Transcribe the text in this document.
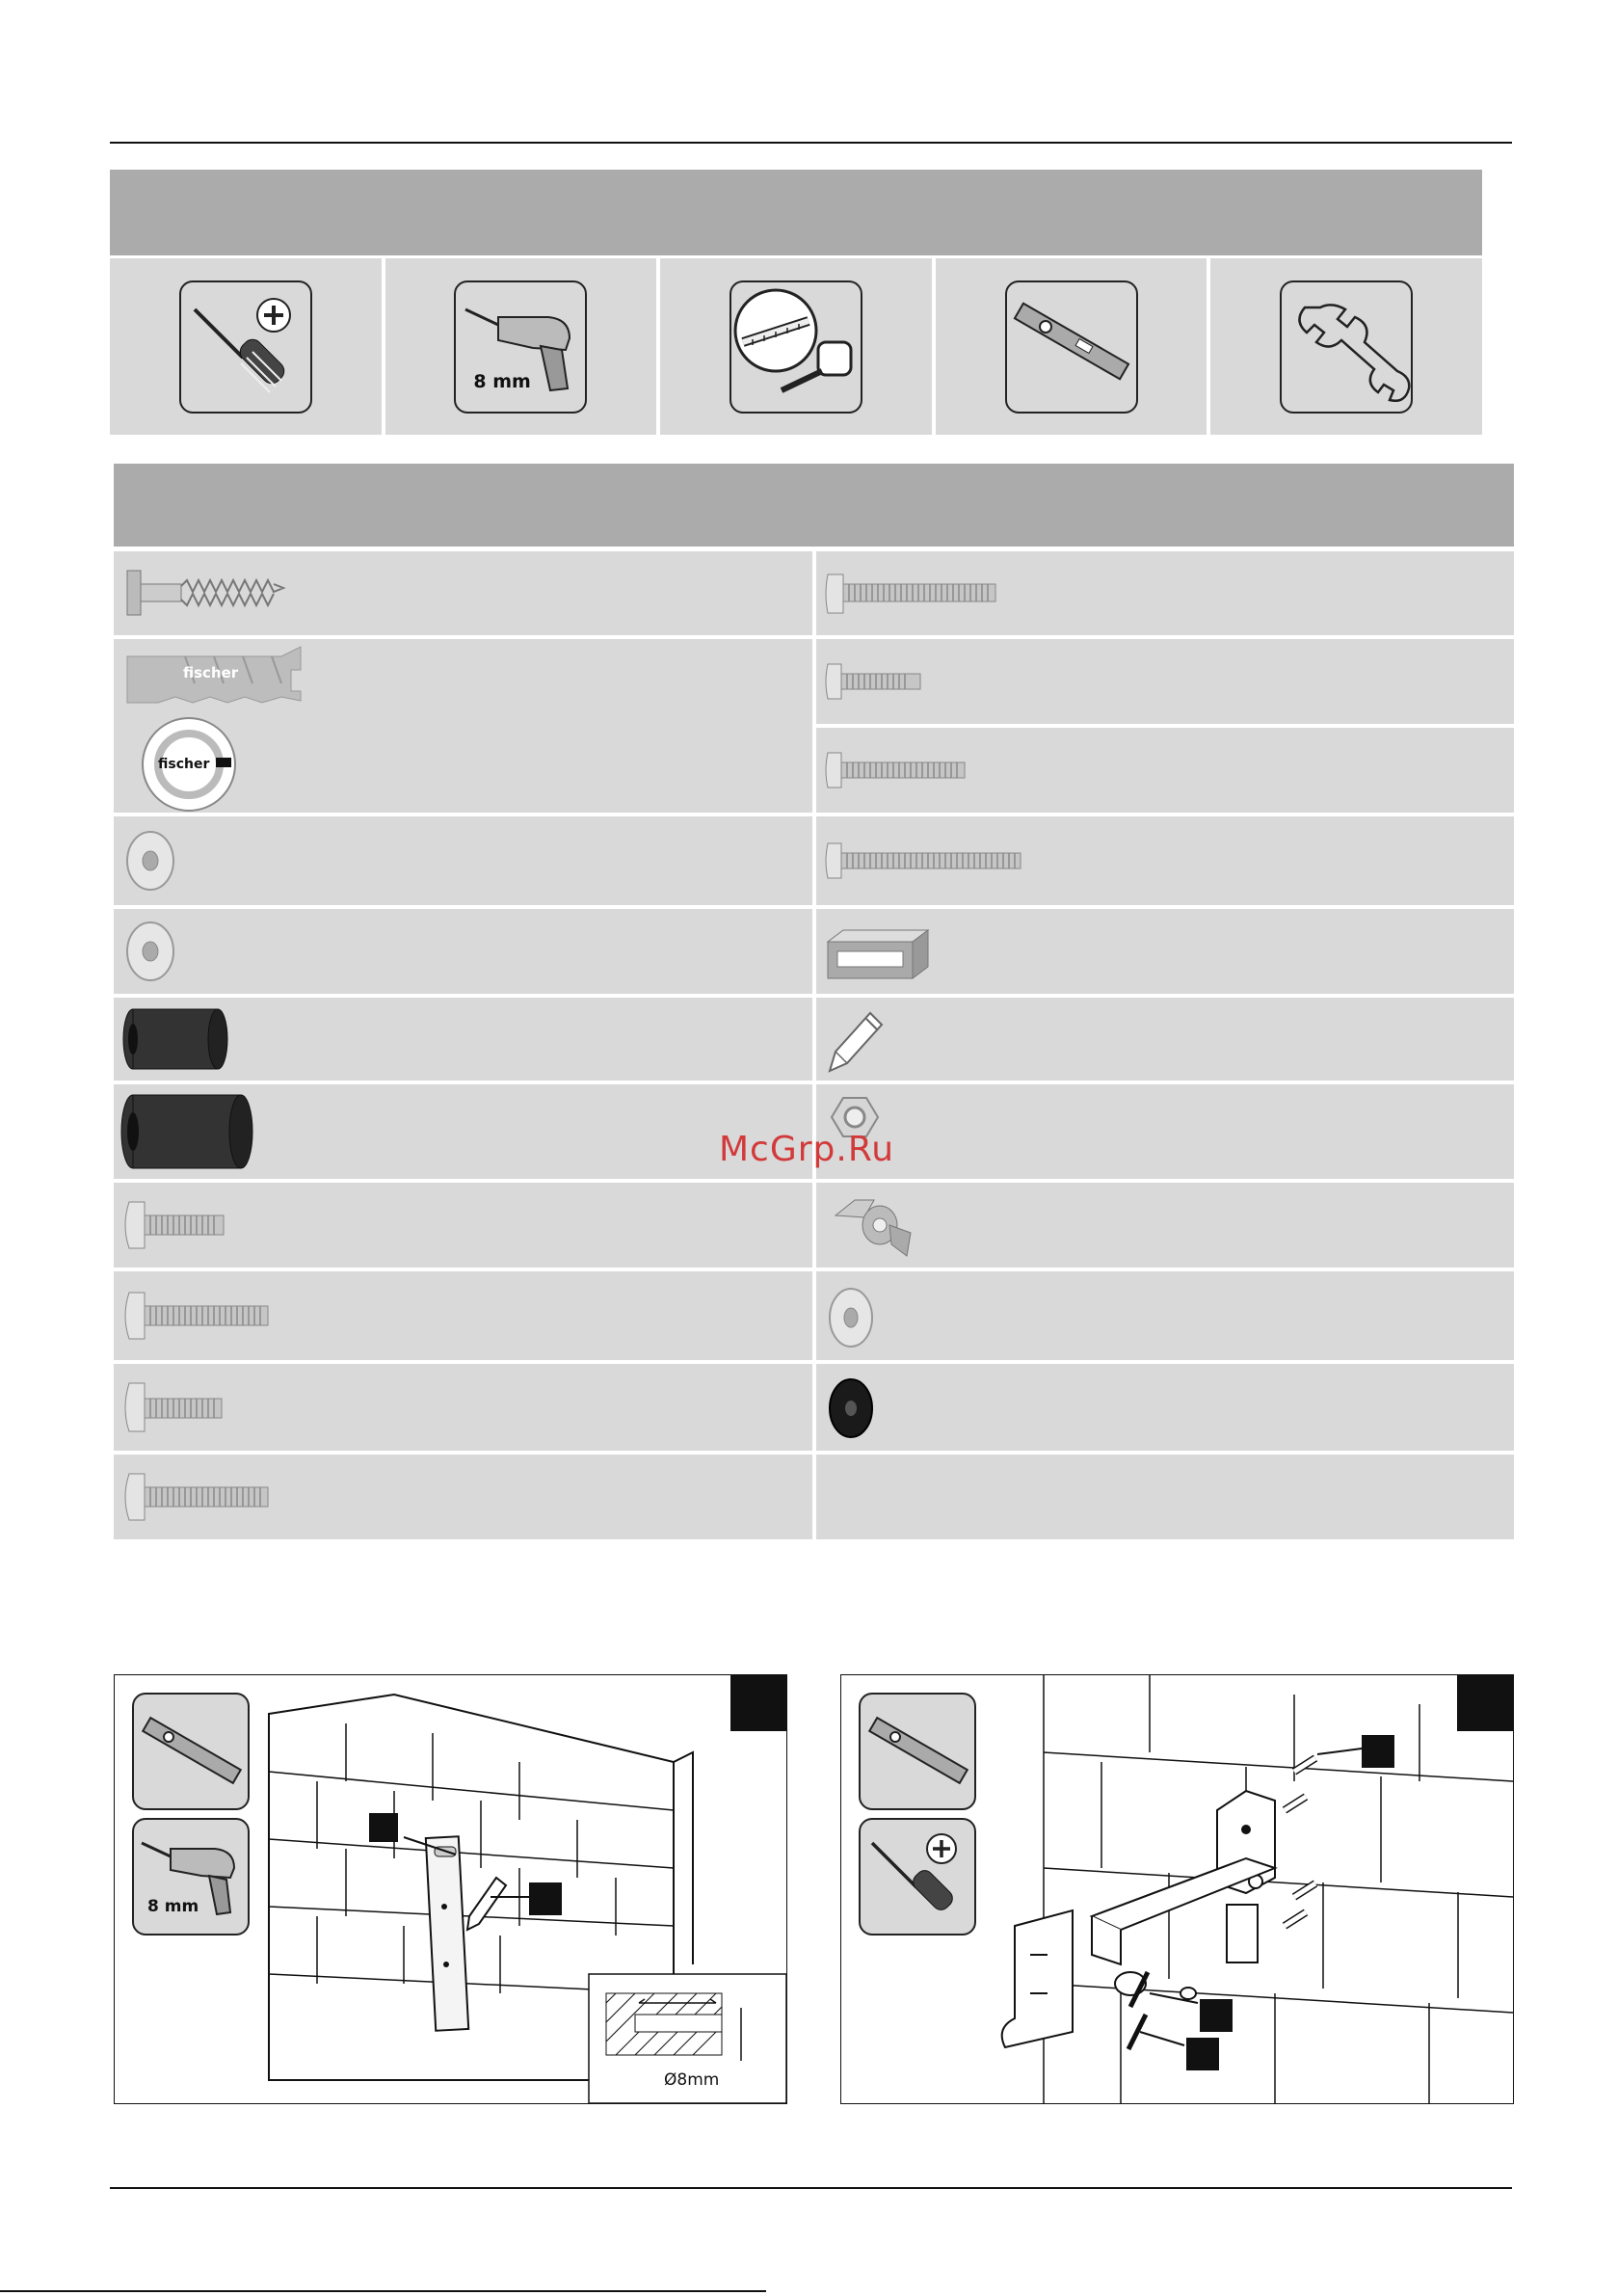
8 mm
fischer
fischer
McGrp.Ru
8 mm
Ø8mm
